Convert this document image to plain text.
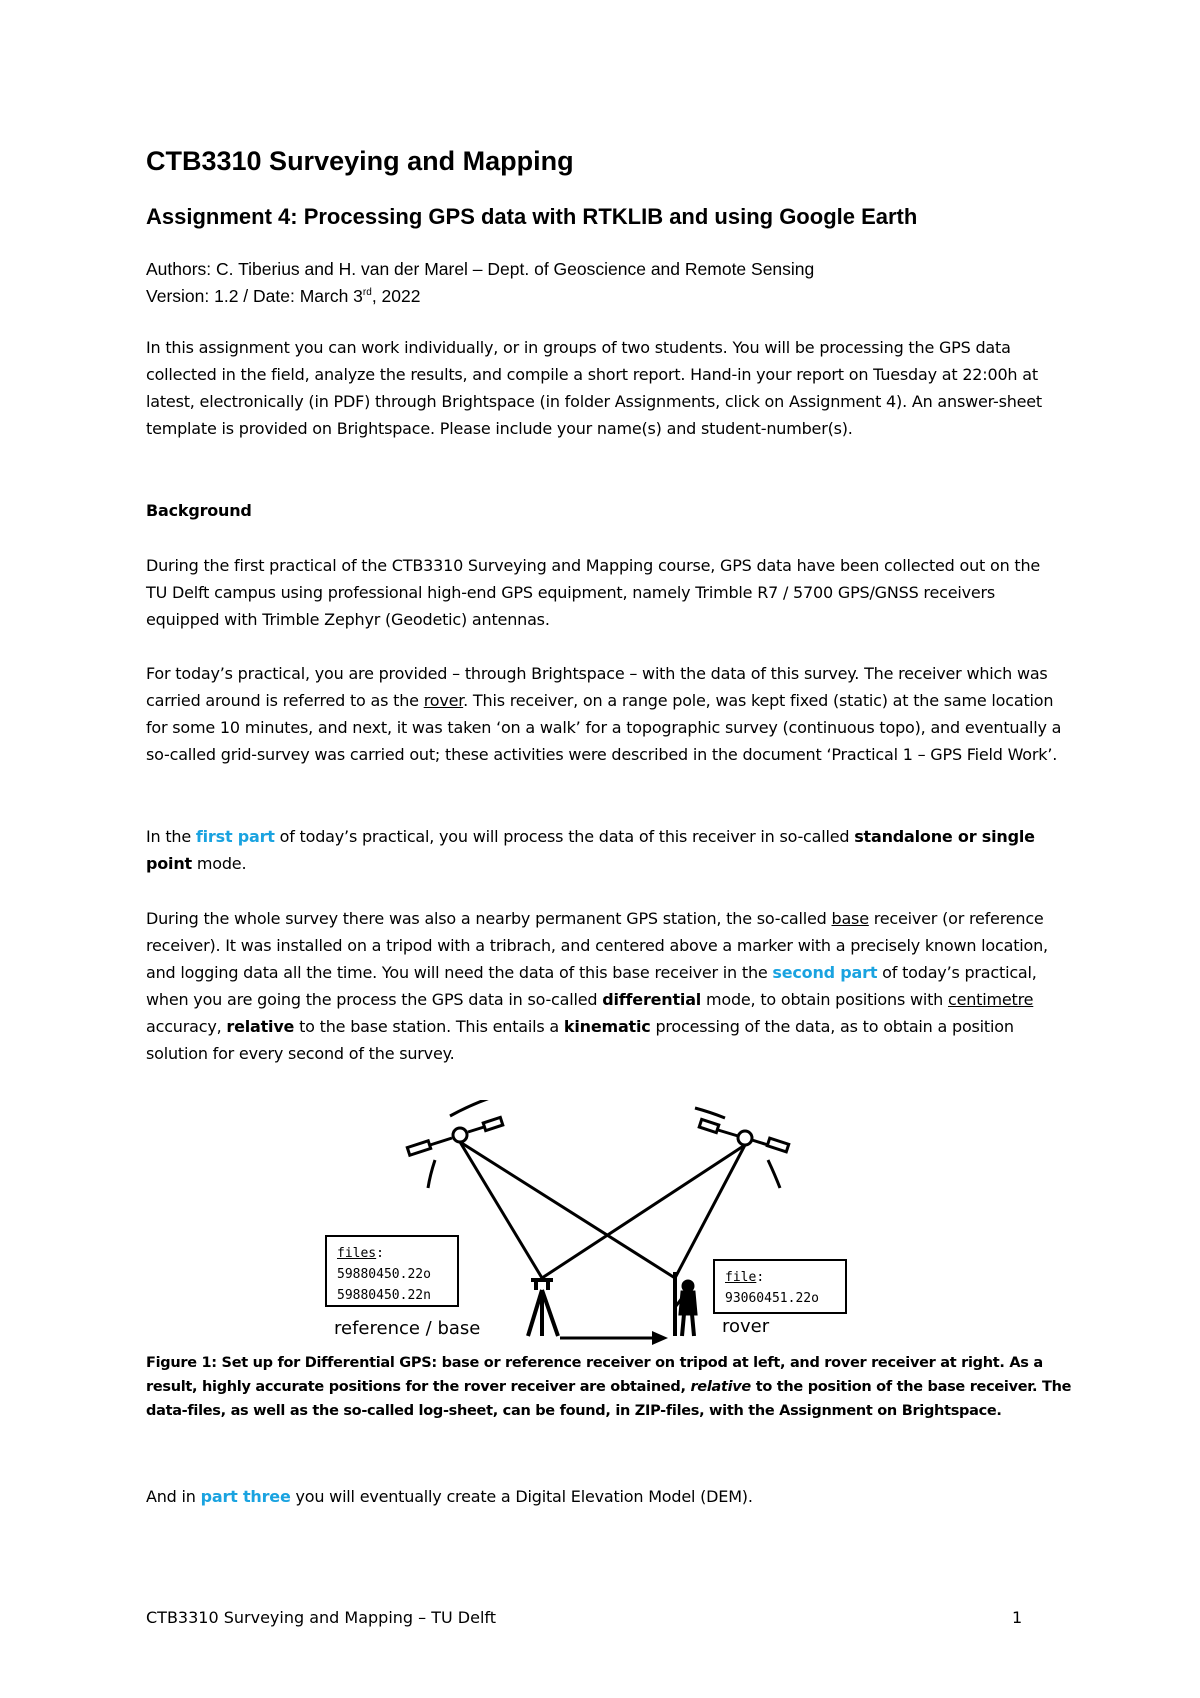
CTB3310 Surveying and Mapping
Assignment 4: Processing GPS data with RTKLIB and using Google Earth
Authors: C. Tiberius and H. van der Marel – Dept. of Geoscience and Remote Sensing
Version: 1.2 / Date: March 3rd, 2022
In this assignment you can work individually, or in groups of two students. You will be processing the GPS data collected in the field, analyze the results, and compile a short report. Hand-in your report on Tuesday at 22:00h at latest, electronically (in PDF) through Brightspace (in folder Assignments, click on Assignment 4). An answer-sheet template is provided on Brightspace. Please include your name(s) and student-number(s).
Background
During the first practical of the CTB3310 Surveying and Mapping course, GPS data have been collected out on the TU Delft campus using professional high-end GPS equipment, namely Trimble R7 / 5700 GPS/GNSS receivers equipped with Trimble Zephyr (Geodetic) antennas.
For today’s practical, you are provided – through Brightspace – with the data of this survey. The receiver which was carried around is referred to as the rover. This receiver, on a range pole, was kept fixed (static) at the same location for some 10 minutes, and next, it was taken ‘on a walk’ for a topographic survey (continuous topo), and eventually a so-called grid-survey was carried out; these activities were described in the document ‘Practical 1 – GPS Field Work’.
In the first part of today’s practical, you will process the data of this receiver in so-called standalone or single point mode.
During the whole survey there was also a nearby permanent GPS station, the so-called base receiver (or reference receiver). It was installed on a tripod with a tribrach, and centered above a marker with a precisely known location, and logging data all the time. You will need the data of this base receiver in the second part of today’s practical, when you are going the process the GPS data in so-called differential mode, to obtain positions with centimetre accuracy, relative to the base station. This entails a kinematic processing of the data, as to obtain a position solution for every second of the survey.
files:
59880450.22o
59880450.22n
file:
93060451.22o
reference / base	rover
Figure 1: Set up for Differential GPS: base or reference receiver on tripod at left, and rover receiver at right. As a result, highly accurate positions for the rover receiver are obtained, relative to the position of the base receiver. The data-files, as well as the so-called log-sheet, can be found, in ZIP-files, with the Assignment on Brightspace.
And in part three you will eventually create a Digital Elevation Model (DEM).
CTB3310 Surveying and Mapping – TU Delft	1
